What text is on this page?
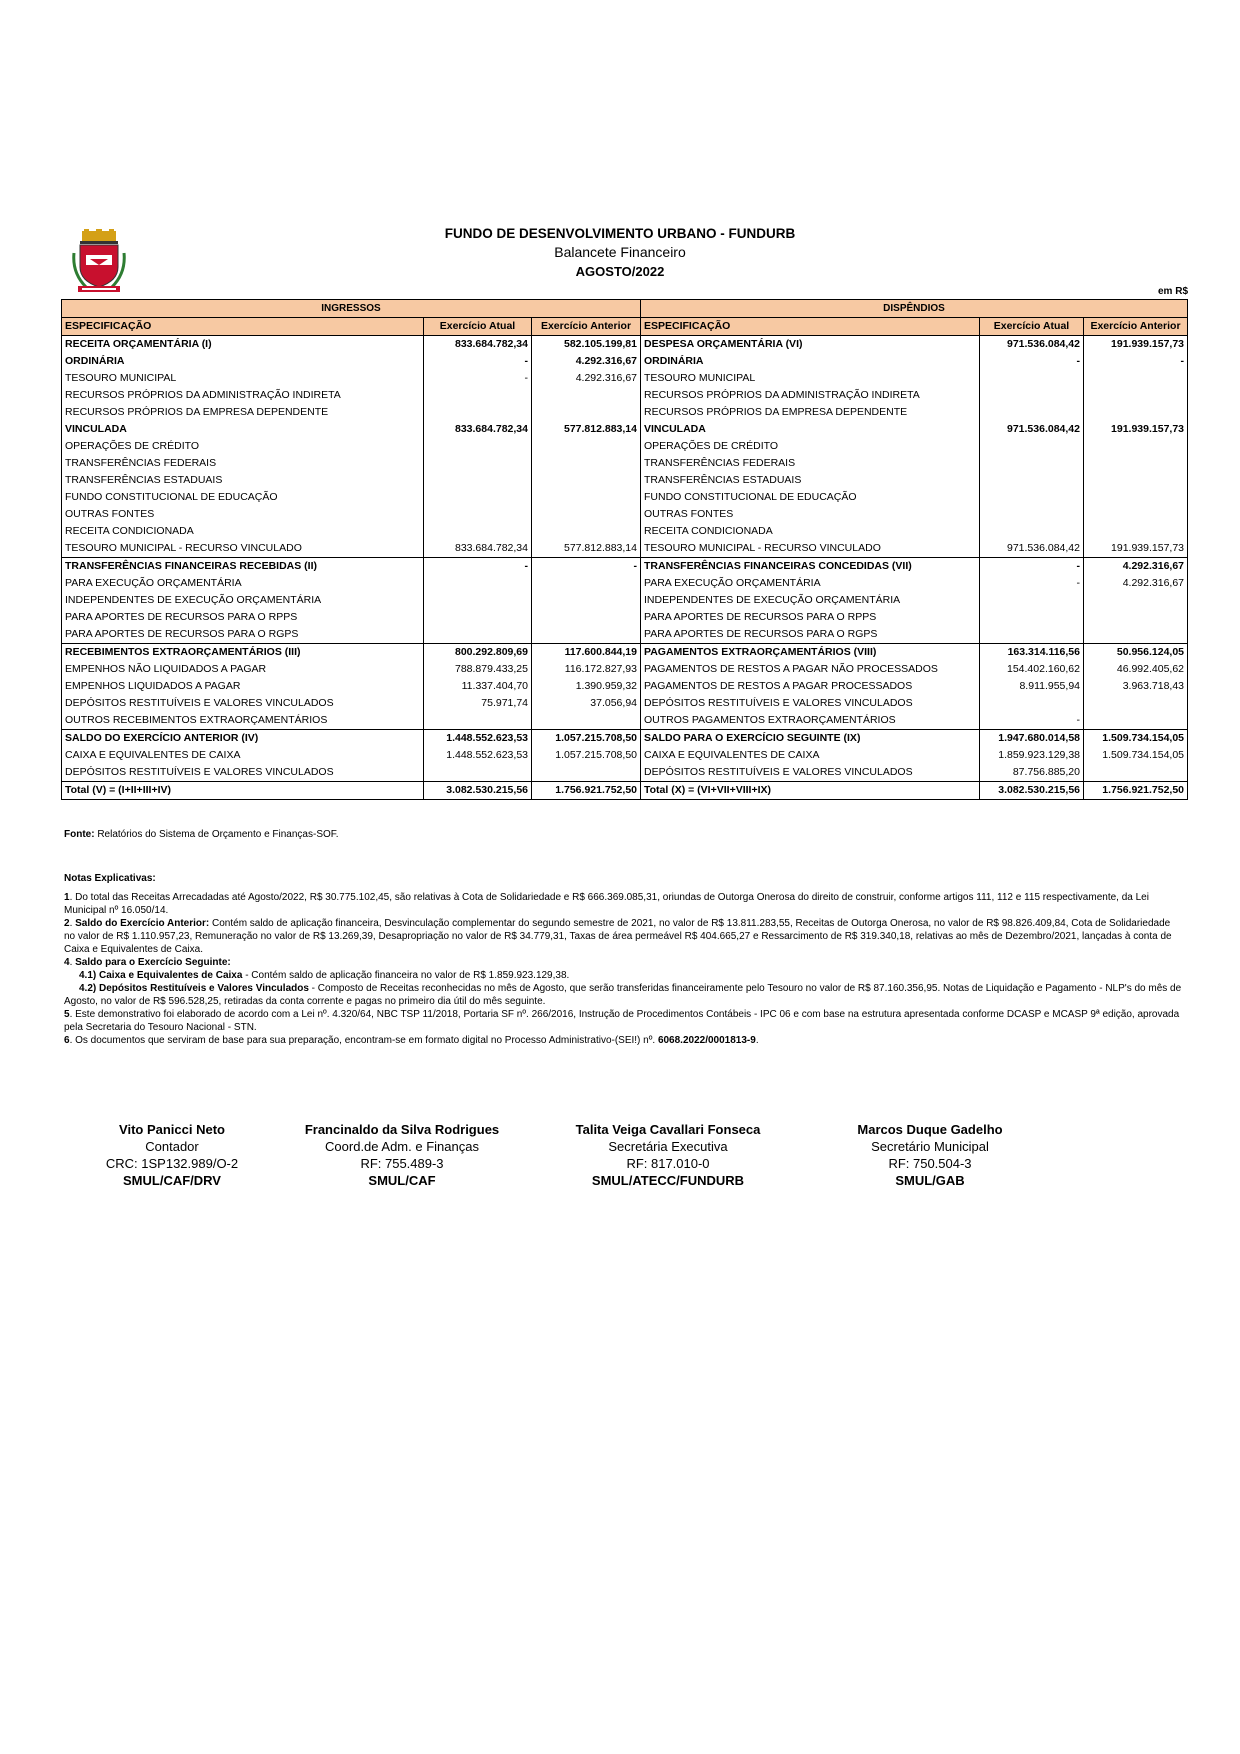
FUNDO DE DESENVOLVIMENTO URBANO - FUNDURB
Balancete Financeiro
AGOSTO/2022
em R$
INGRESSOS			DISPÊNDIOS		
ESPECIFICAÇÃO	Exercício Atual	Exercício Anterior	ESPECIFICAÇÃO	Exercício Atual	Exercício Anterior
RECEITA ORÇAMENTÁRIA (I)	833.684.782,34	582.105.199,81	DESPESA ORÇAMENTÁRIA (VI)	971.536.084,42	191.939.157,73
ORDINÁRIA	-	4.292.316,67	ORDINÁRIA	-	-
TESOURO MUNICIPAL	-	4.292.316,67	TESOURO MUNICIPAL		
RECURSOS PRÓPRIOS DA ADMINISTRAÇÃO INDIRETA			RECURSOS PRÓPRIOS DA ADMINISTRAÇÃO INDIRETA		
RECURSOS PRÓPRIOS DA EMPRESA DEPENDENTE			RECURSOS PRÓPRIOS DA EMPRESA DEPENDENTE		
VINCULADA	833.684.782,34	577.812.883,14	VINCULADA	971.536.084,42	191.939.157,73
OPERAÇÕES DE CRÉDITO			OPERAÇÕES DE CRÉDITO		
TRANSFERÊNCIAS FEDERAIS			TRANSFERÊNCIAS FEDERAIS		
TRANSFERÊNCIAS ESTADUAIS			TRANSFERÊNCIAS ESTADUAIS		
FUNDO CONSTITUCIONAL DE EDUCAÇÃO			FUNDO CONSTITUCIONAL DE EDUCAÇÃO		
OUTRAS FONTES			OUTRAS FONTES		
RECEITA CONDICIONADA			RECEITA CONDICIONADA		
TESOURO MUNICIPAL - RECURSO VINCULADO	833.684.782,34	577.812.883,14	TESOURO MUNICIPAL - RECURSO VINCULADO	971.536.084,42	191.939.157,73
TRANSFERÊNCIAS FINANCEIRAS RECEBIDAS (II)	-	-	TRANSFERÊNCIAS FINANCEIRAS CONCEDIDAS (VII)	-	4.292.316,67
PARA EXECUÇÃO ORÇAMENTÁRIA			PARA EXECUÇÃO ORÇAMENTÁRIA	-	4.292.316,67
INDEPENDENTES DE EXECUÇÃO ORÇAMENTÁRIA			INDEPENDENTES DE EXECUÇÃO ORÇAMENTÁRIA		
PARA APORTES DE RECURSOS PARA O RPPS			PARA APORTES DE RECURSOS PARA O RPPS		
PARA APORTES DE RECURSOS PARA O RGPS			PARA APORTES DE RECURSOS PARA O RGPS		
RECEBIMENTOS EXTRAORÇAMENTÁRIOS (III)	800.292.809,69	117.600.844,19	PAGAMENTOS EXTRAORÇAMENTÁRIOS (VIII)	163.314.116,56	50.956.124,05
EMPENHOS NÃO LIQUIDADOS A PAGAR	788.879.433,25	116.172.827,93	PAGAMENTOS DE RESTOS A PAGAR NÃO PROCESSADOS	154.402.160,62	46.992.405,62
EMPENHOS LIQUIDADOS A PAGAR	11.337.404,70	1.390.959,32	PAGAMENTOS DE RESTOS A PAGAR PROCESSADOS	8.911.955,94	3.963.718,43
DEPÓSITOS RESTITUÍVEIS E VALORES VINCULADOS	75.971,74	37.056,94	DEPÓSITOS RESTITUÍVEIS E VALORES VINCULADOS		
OUTROS RECEBIMENTOS EXTRAORÇAMENTÁRIOS			OUTROS PAGAMENTOS EXTRAORÇAMENTÁRIOS	-	
SALDO DO EXERCÍCIO ANTERIOR (IV)	1.448.552.623,53	1.057.215.708,50	SALDO PARA O EXERCÍCIO SEGUINTE (IX)	1.947.680.014,58	1.509.734.154,05
CAIXA E EQUIVALENTES DE CAIXA	1.448.552.623,53	1.057.215.708,50	CAIXA E EQUIVALENTES DE CAIXA	1.859.923.129,38	1.509.734.154,05
DEPÓSITOS RESTITUÍVEIS E VALORES VINCULADOS			DEPÓSITOS RESTITUÍVEIS E VALORES VINCULADOS	87.756.885,20	
Total (V) = (I+II+III+IV)	3.082.530.215,56	1.756.921.752,50	Total (X) = (VI+VII+VIII+IX)	3.082.530.215,56	1.756.921.752,50
Fonte: Relatórios do Sistema de Orçamento e Finanças-SOF.

Notas Explicativas:

1. Do total das Receitas Arrecadadas até Agosto/2022, R$ 30.775.102,45, são relativas à Cota de Solidariedade e R$ 666.369.085,31, oriundas de Outorga Onerosa do direito de construir, conforme artigos 111, 112 e 115 respectivamente, da Lei Municipal nº 16.050/14.

2. Saldo do Exercício Anterior: Contém saldo de aplicação financeira, Desvinculação complementar do segundo semestre de 2021, no valor de R$ 13.811.283,55, Receitas de Outorga Onerosa, no valor de R$ 98.826.409,84, Cota de Solidariedade no valor de R$ 1.110.957,23, Remuneração no valor de R$ 13.269,39, Desapropriação no valor de R$ 34.779,31, Taxas de área permeável R$ 404.665,27 e Ressarcimento de R$ 319.340,18, relativas ao mês de Dezembro/2021, lançadas à conta de Caixa e Equivalentes de Caixa.

4. Saldo para o Exercício Seguinte:

4.1) Caixa e Equivalentes de Caixa - Contém saldo de aplicação financeira no valor de R$ 1.859.923.129,38.

4.2) Depósitos Restituíveis e Valores Vinculados - Composto de Receitas reconhecidas no mês de Agosto, que serão transferidas financeiramente pelo Tesouro no valor de R$ 87.160.356,95. Notas de Liquidação e Pagamento - NLP's do mês de Agosto, no valor de R$ 596.528,25, retiradas da conta corrente e pagas no primeiro dia útil do mês seguinte.

5. Este demonstrativo foi elaborado de acordo com a Lei nº. 4.320/64, NBC TSP 11/2018, Portaria SF nº. 266/2016, Instrução de Procedimentos Contábeis - IPC 06 e com base na estrutura apresentada conforme DCASP e MCASP 9ª edição, aprovada pela Secretaria do Tesouro Nacional - STN.

6. Os documentos que serviram de base para sua preparação, encontram-se em formato digital no Processo Administrativo-(SEI!) nº. 6068.2022/0001813-9.

Vito Panicci Neto
Contador
CRC: 1SP132.989/O-2
SMUL/CAF/DRV
Francinaldo da Silva Rodrigues
Coord.de Adm. e Finanças
RF: 755.489-3
SMUL/CAF
Talita Veiga Cavallari Fonseca
Secretária Executiva
RF: 817.010-0
SMUL/ATECC/FUNDURB
Marcos Duque Gadelho
Secretário Municipal
RF: 750.504-3
SMUL/GAB
